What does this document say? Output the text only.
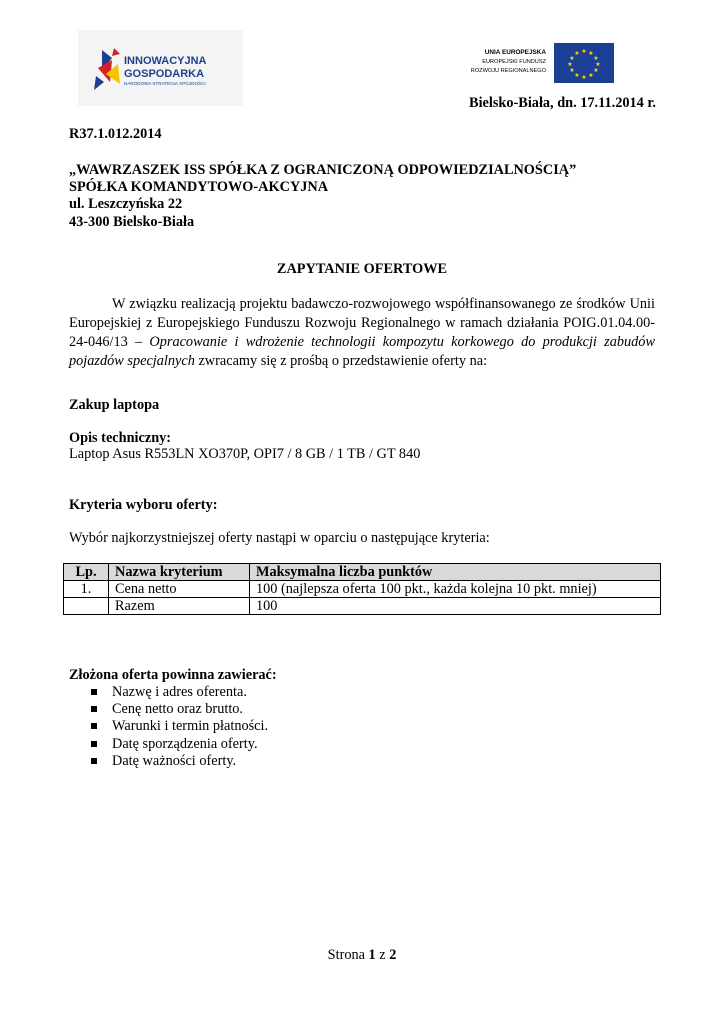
INNOWACYJNA
GOSPODARKA
NARODOWA STRATEGIA SPÓJNOŚCI
UNIA EUROPEJSKA
EUROPEJSKI FUNDUSZ
ROZWOJU REGIONALNEGO
★ ★
★
★
★
★
★
★
★
★
★
★
Bielsko-Biała, dn. 17.11.2014 r.
R37.1.012.2014
„WAWRZASZEK ISS SPÓŁKA Z OGRANICZONĄ ODPOWIEDZIALNOŚCIĄ”
SPÓŁKA KOMANDYTOWO-AKCYJNA
ul. Leszczyńska 22
43-300 Bielsko-Biała
ZAPYTANIE OFERTOWE
W związku realizacją projektu badawczo-rozwojowego współfinansowanego ze środków Unii Europejskiej z Europejskiego Funduszu Rozwoju Regionalnego w ramach działania POIG.01.04.00-24-046/13 – Opracowanie i wdrożenie technologii kompozytu korkowego do produkcji zabudów pojazdów specjalnych zwracamy się z prośbą o przedstawienie oferty na:
Zakup laptopa
Opis techniczny:
Laptop Asus R553LN XO370P, OPI7 / 8 GB / 1 TB / GT 840
Kryteria wyboru oferty:
Wybór najkorzystniejszej oferty nastąpi w oparciu o następujące kryteria:
Lp.	Nazwa kryterium	Maksymalna liczba punktów
1.	Cena netto	100 (najlepsza oferta 100 pkt., każda kolejna 10 pkt. mniej)
	Razem	100
Złożona oferta powinna zawierać:
Nazwę i adres oferenta.
Cenę netto oraz brutto.
Warunki i termin płatności.
Datę sporządzenia oferty.
Datę ważności oferty.
Strona 1 z 2
